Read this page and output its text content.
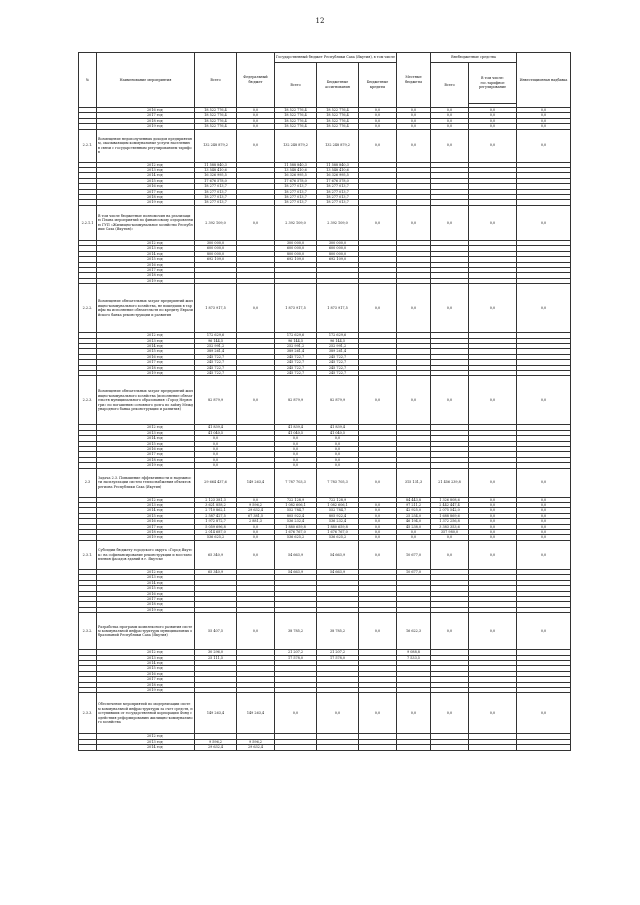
12
№	Наименование мероприятия	Всего	Федеральный бюджет	Государственный бюджет Республики Саха (Якутия), в том числе			Местные бюджеты	Внебюджетные средства		Инвестиционная надбавка
				Всего	Бюджетные ассигнования	Бюджетные кредиты		Всего	В том числе: гос.тарифное регулирование	

	2016 год	18 522 776,4	0,0	18 522 776,4	18 522 776,4	0,0	0,0	0,0	0,0	0,0
	2017 год	18 522 776,4	0,0	18 522 776,4	18 522 776,4	0,0	0,0	0,0	0,0	0,0
	2018 год	18 522 776,4	0,0	18 522 776,4	18 522 776,4	0,0	0,0	0,0	0,0	0,0
	2019 год	18 522 776,4	0,0	18 522 776,4	18 522 776,4	0,0	0,0	0,0	0,0	0,0
2.2.1.	Возмещение недополученных доходов предприятиям, оказывающим коммунальные услуги населению в связи с государственным регулированием тарифов	132 248 879,2	0,0	132 248 879,2	132 248 879,2	0,0	0,0	0,0	0,0	0,0
	2012 год	11 588 840,3		11 588 840,3	11 588 840,3					
	2013 год	13 548 410,6		13 548 410,6	13 548 410,6					
	2014 год	16 326 995,5		16 326 995,5	16 326 995,5					
	2015 год	17 676 578,0		17 676 578,0	17 676 578,0					
	2016 год	18 277 013,7		18 277 013,7	18 277 013,7					
	2017 год	18 277 013,7		18 277 013,7	18 277 013,7					
	2018 год	18 277 013,7		18 277 013,7	18 277 013,7					
	2019 год	18 277 013,7		18 277 013,7	18 277 013,7					
2.2.1.1	В том числе бюджетные полномочия на реализацию Плана мероприятий по финансовому оздоровлению ГУП «Жилищно-коммунальное хозяйство Республики Саха (Якутия)»	2 392 109,0	0,0	2 392 109,0	2 392 109,0	0,0	0,0	0,0	0,0	0,0
	2012 год	300 000,0		300 000,0	300 000,0					
	2013 год	600 000,0		600 000,0	600 000,0					
	2014 год	800 000,0		800 000,0	800 000,0					
	2015 год	692 109,0		692 109,0	692 109,0					
	2016 год									
	2017 год									
	2018 год									
	2019 год									
2.2.2.	Возмещение обязательных затрат предприятий жилищно-коммунального хозяйства, не вошедших в тарифы на исполнение обязательств по кредиту Евразийского банка реконструкции и развития	1 873 917,5	0,0	1 873 917,5	1 873 917,5	0,0	0,0	0,0	0,0	0,0
	2012 год	172 629,6		172 629,6	172 629,6					
	2013 год	96 144,5		96 144,5	96 144,5					
	2014 год	252 991,2		252 991,2	252 991,2					
	2015 год	389 261,4		389 261,4	389 261,4					
	2016 год	245 722,7		245 722,7	245 722,7					
	2017 год	245 722,7		245 722,7	245 722,7					
	2018 год	245 722,7		245 722,7	245 722,7					
	2019 год	245 722,7		245 722,7	245 722,7					
2.2.3.	Возмещение обязательных затрат предприятий жилищно-коммунального хозяйства (исполнение обязательств муниципального образования «Город Нерюнгри» по погашению основного долга по займу Международного банка реконструкции и развития)	82 879,9	0,0	82 879,9	82 879,9	0,0	0,0	0,0	0,0	0,0
	2012 год	41 839,4		41 839,4	41 839,4					
	2013 год	41 040,5		41 040,5	41 040,5					
	2014 год	0,0		0,0	0,0					
	2015 год	0,0		0,0	0,0					
	2016 год	0,0		0,0	0,0					
	2017 год	0,0		0,0	0,0					
	2018 год	0,0		0,0	0,0					
	2019 год	0,0		0,0	0,0					
2.3	Задача 2.3. Повышение эффективности и надежности эксплуатации систем теплоснабжения объектов региона Республики Саха (Якутия)	29 664 437,6	149 263,4	7 787 703,3	7 783 705,3	0,0	315 131,3	21 456 239,8	0,0	0,0
	2012 год	2 123 381,3	0,0	722 128,9	722 128,9		84 443,8	1 326 808,6	0,0	0,0
	2013 год	3 621 858,2	9 596,2	1 082 606,1	1 082 606,1	0,0	97 211,2	2 442 447,4	0,0	0,0
	2014 год	2 710 862,1	29 632,4	552 784,7	552 784,7	0,0	42 925,0	2 075 542,0	0,0	0,0
	2015 год	2 587 427,5	67 381,5	805 922,4	805 922,4	0,0	25 254,0	1 688 869,6	0,0	0,0
	2016 год	1 972 872,7	2 881,3	536 232,4	536 232,4	0,0	46 194,0	1 372 256,8	0,0	0,0
	2017 год	5 059 696,8	0,0	1 880 659,8	1 880 659,8	0,0	45 238,0	3 383 353,6	0,0	0,0
	2018 год	2 014 687,0	0,0	1 676 767,0	1 676 767,0	0,0	0,0	357 980,0	0,0	0,0
	2019 год	536 625,2	0,0	536 625,2	536 625,2	0,0	0,0	0,0	0,0	0,0
2.3.1.	Субсидии бюджету городского округа «Город Якутск» на софинансирование реконструкции и восстановления фасадов зданий в г. Якутске	65 340,9	0,0	54 663,9	54 663,9	0,0	10 677,0	0,0	0,0	0,0
	2012 год	65 340,9		54 663,9	54 663,9		10 677,0			
	2013 год									
	2014 год									
	2015 год									
	2016 год									
	2017 год									
	2018 год									
	2019 год									
2.3.2.	Разработка программ комплексного развития систем коммунальной инфраструктуры муниципальных образований Республики Саха (Якутия)	55 407,5	0,0	38 785,2	38 785,2	0,0	16 622,3	0,0	0,0	0,0
	2012 год	30 296,0		21 207,2	21 207,2		9 088,8			
	2013 год	25 111,5		17 578,0	17 578,0		7 533,5			
	2014 год									
	2015 год									
	2016 год									
	2017 год									
	2018 год									
	2019 год									
2.3.3.	Обеспечение мероприятий по модернизации систем коммунальной инфраструктуры за счет средств, поступивших от государственной корпорации Фонд содействия реформированию жилищно-коммунального хозяйства	149 263,4	149 263,4	0,0	0,0	0,0	0,0	0,0	0,0	0,0
	2012 год									
	2013 год	9 596,2	9 596,2							
	2014 год	29 632,4	29 632,4							
